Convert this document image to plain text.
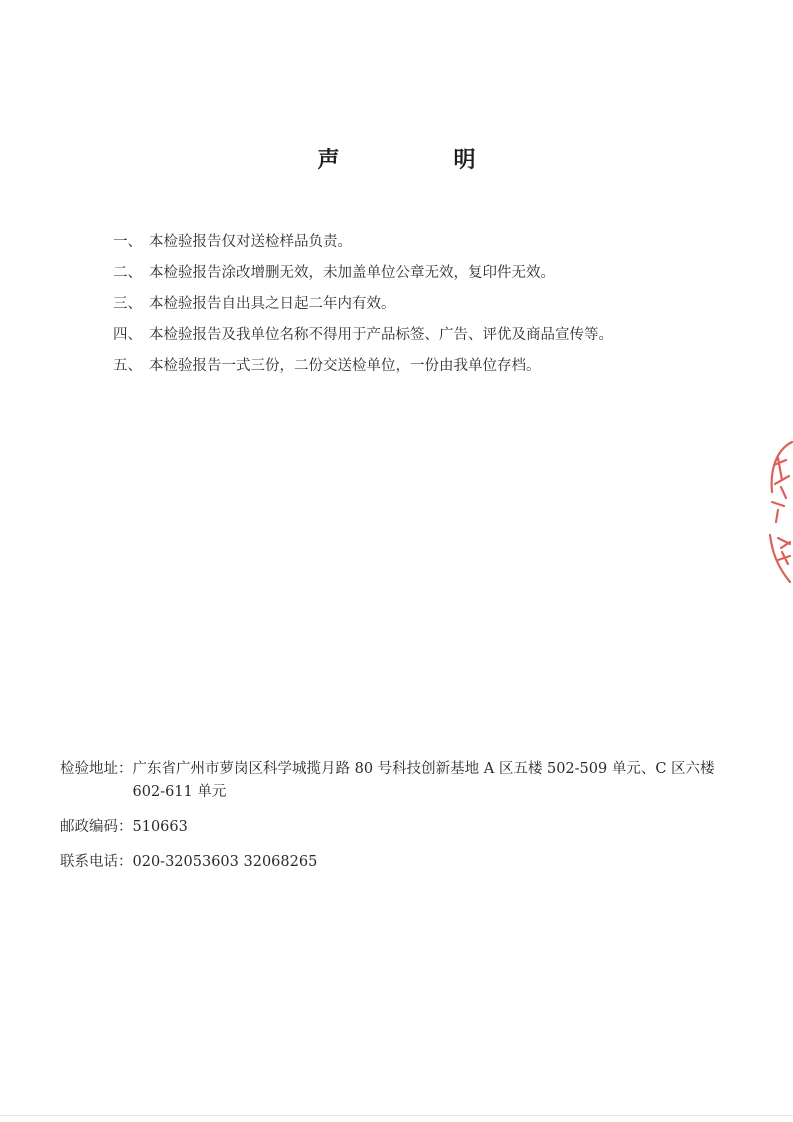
声　明
一、 本检验报告仅对送检样品负责。
二、 本检验报告涂改增删无效，未加盖单位公章无效，复印件无效。
三、 本检验报告自出具之日起二年内有效。
四、 本检验报告及我单位名称不得用于产品标签、广告、评优及商品宣传等。
五、 本检验报告一式三份，二份交送检单位，一份由我单位存档。
检验地址： 广东省广州市萝岗区科学城揽月路 80 号科技创新基地 A 区五楼 502-509 单元、C 区六楼 602-611 单元
邮政编码：510663
联系电话：020-32053603 32068265
